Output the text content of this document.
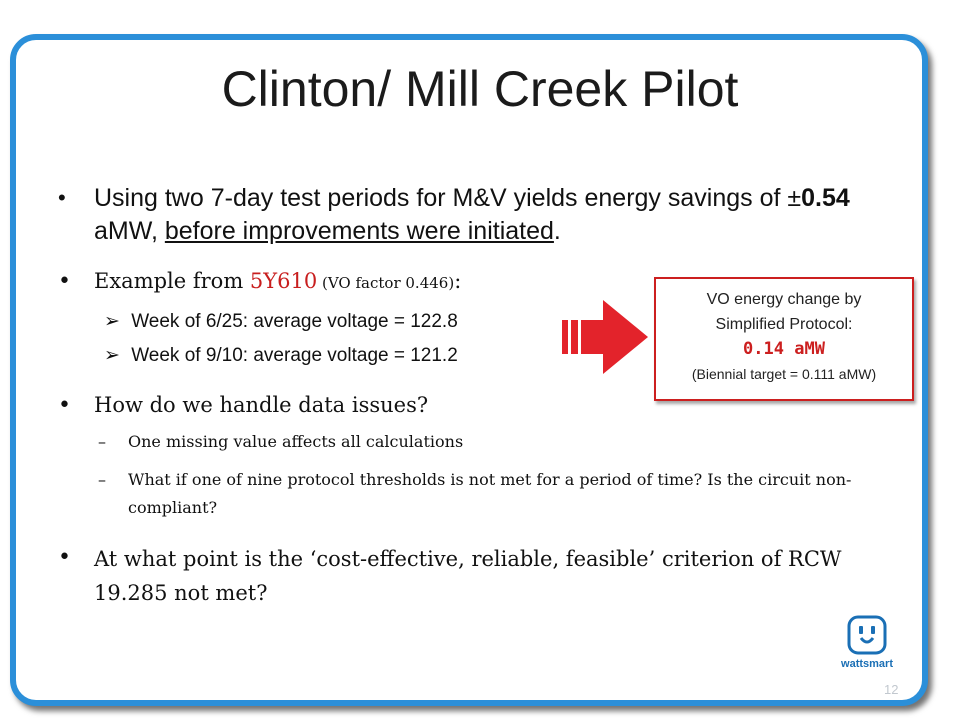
Clinton/ Mill Creek Pilot
• Using two 7-day test periods for M&V yields energy savings of ±0.54 aMW, before improvements were initiated.
• Example from 5Y610 (VO factor 0.446):
➢ Week of 6/25: average voltage = 122.8
➢ Week of 9/10: average voltage = 121.2
VO energy change by
Simplified Protocol:
0.14 aMW
(Biennial target = 0.111 aMW)
• How do we handle data issues?
– One missing value affects all calculations
– What if one of nine protocol thresholds is not met for a period of time? Is the circuit non-compliant?
• At what point is the ‘cost-effective, reliable, feasible’ criterion of RCW 19.285 not met?
wattsmart
12
